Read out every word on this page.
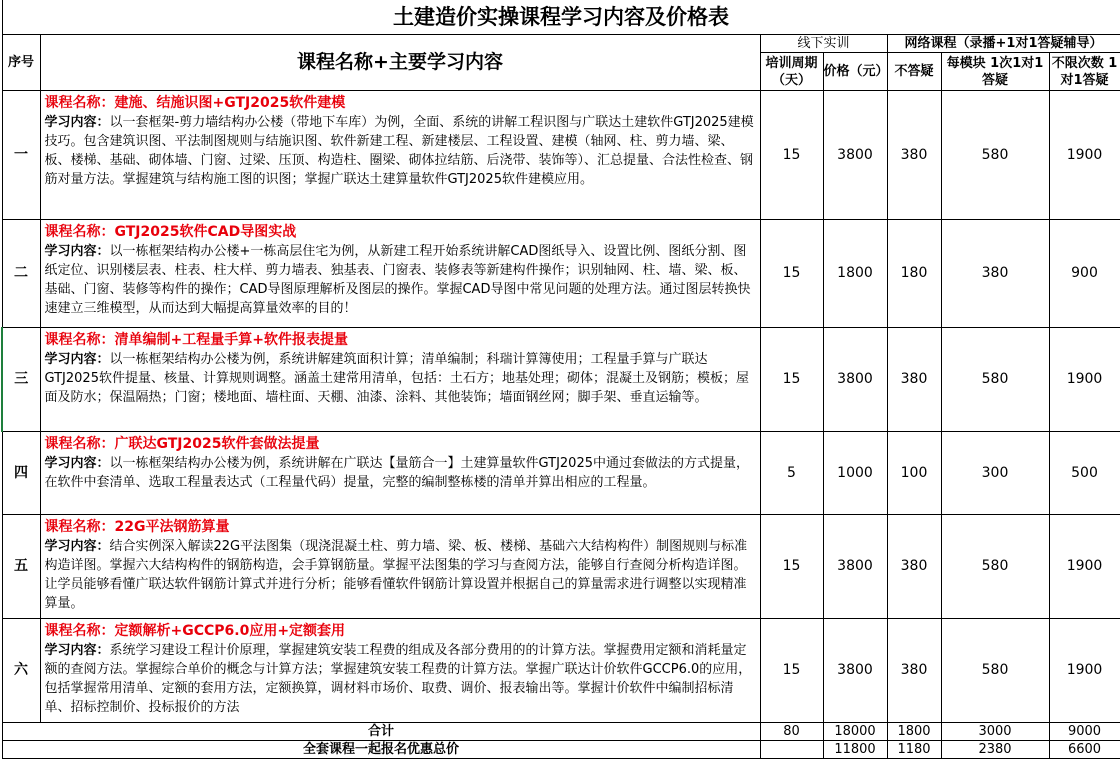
土建造价实操课程学习内容及价格表						
序号	课程名称+主要学习内容	线下实训		网络课程（录播+1对1答疑辅导）		
		培训周期（天）	价格（元）	不答疑	每模块 1次1对1答疑	不限次数 1对1答疑
一	课程名称：建施、结施识图+GTJ2025软件建模
学习内容：以一套框架-剪力墙结构办公楼（带地下车库）为例，全面、系统的讲解工程识图与广联达土建软件GTJ2025建模技巧。包含建筑识图、平法制图规则与结施识图、软件新建工程、新建楼层、工程设置、建模（轴网、柱、剪力墙、梁、板、楼梯、基础、砌体墙、门窗、过梁、压顶、构造柱、圈梁、砌体拉结筋、后浇带、装饰等）、汇总提量、合法性检查、钢筋对量方法。掌握建筑与结构施工图的识图；掌握广联达土建算量软件GTJ2025软件建模应用。	15	3800	380	580	1900
二	课程名称：GTJ2025软件CAD导图实战
学习内容：以一栋框架结构办公楼+一栋高层住宅为例，从新建工程开始系统讲解CAD图纸导入、设置比例、图纸分割、图纸定位、识别楼层表、柱表、柱大样、剪力墙表、独基表、门窗表、装修表等新建构件操作；识别轴网、柱、墙、梁、板、基础、门窗、装修等构件的操作；CAD导图原理解析及图层的操作。掌握CAD导图中常见问题的处理方法。通过图层转换快速建立三维模型，从而达到大幅提高算量效率的目的！	15	1800	180	380	900
三	课程名称：清单编制+工程量手算+软件报表提量
学习内容：以一栋框架结构办公楼为例，系统讲解建筑面积计算；清单编制；科瑞计算簿使用；工程量手算与广联达GTJ2025软件提量、核量、计算规则调整。涵盖土建常用清单，包括：土石方；地基处理；砌体；混凝土及钢筋；模板；屋面及防水；保温隔热；门窗；楼地面、墙柱面、天棚、油漆、涂料、其他装饰；墙面钢丝网；脚手架、垂直运输等。	15	3800	380	580	1900
四	课程名称：广联达GTJ2025软件套做法提量
学习内容：以一栋框架结构办公楼为例，系统讲解在广联达【量筋合一】土建算量软件GTJ2025中通过套做法的方式提量，在软件中套清单、选取工程量表达式（工程量代码）提量，完整的编制整栋楼的清单并算出相应的工程量。	5	1000	100	300	500
五	课程名称：22G平法钢筋算量
学习内容：结合实例深入解读22G平法图集（现浇混凝土柱、剪力墙、梁、板、楼梯、基础六大结构构件）制图规则与标准构造详图。掌握六大结构构件的钢筋构造，会手算钢筋量。掌握平法图集的学习与查阅方法，能够自行查阅分析构造详图。让学员能够看懂广联达软件钢筋计算式并进行分析；能够看懂软件钢筋计算设置并根据自己的算量需求进行调整以实现精准算量。	15	3800	380	580	1900
六	课程名称：定额解析+GCCP6.0应用+定额套用
学习内容：系统学习建设工程计价原理，掌握建筑安装工程费的组成及各部分费用的的计算方法。掌握费用定额和消耗量定额的查阅方法。掌握综合单价的概念与计算方法；掌握建筑安装工程费的计算方法。掌握广联达计价软件GCCP6.0的应用，包括掌握常用清单、定额的套用方法，定额换算，调材料市场价、取费、调价、报表输出等。掌握计价软件中编制招标清单、招标控制价、投标报价的方法	15	3800	380	580	1900
合计		80	18000	1800	3000	9000
全套课程一起报名优惠总价			11800	1180	2380	6600
